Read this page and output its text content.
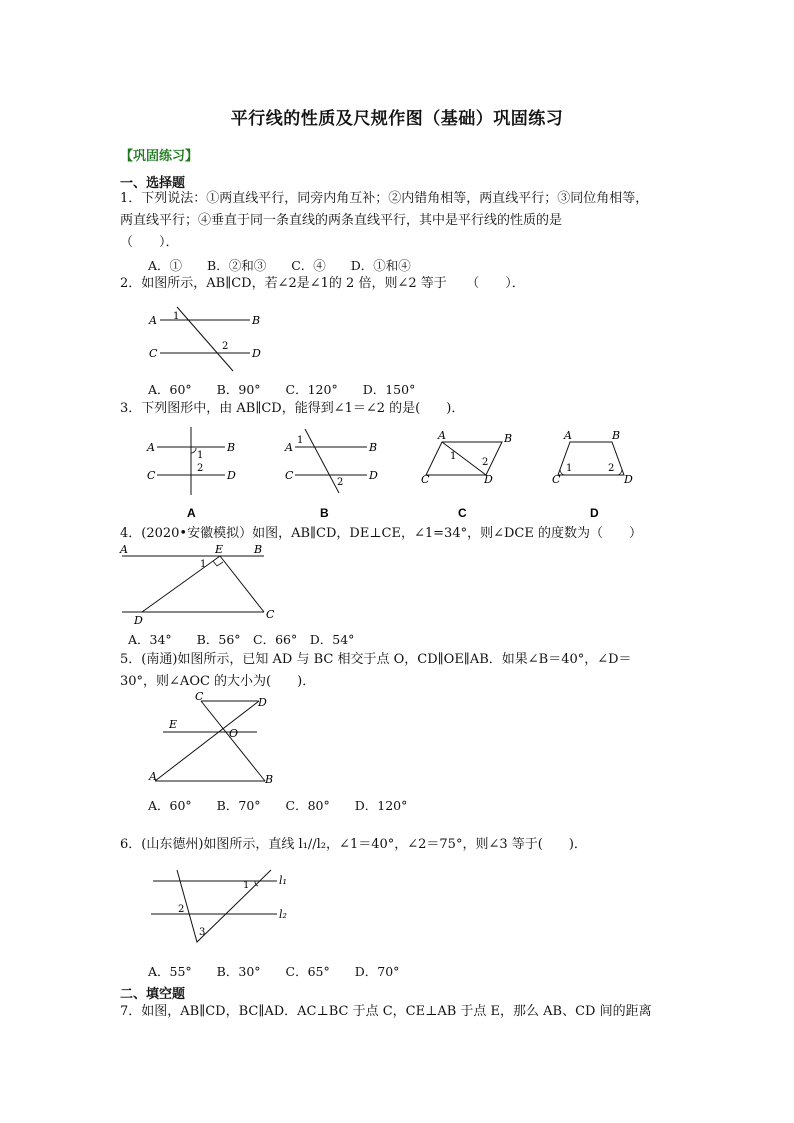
平行线的性质及尺规作图（基础）巩固练习
【巩固练习】
一、选择题
1．下列说法：①两直线平行，同旁内角互补；②内错角相等，两直线平行；③同位角相等，
两直线平行；④垂直于同一条直线的两条直线平行，其中是平行线的性质的是
（　　）．
A．①　　B．②和③　　C．④　　D．①和④
2．如图所示，AB∥CD，若∠2是∠1的 2 倍，则∠2 等于　　（　　）．
A	B
C	D
1
2
A．60°　　B．90°　　C．120°　　D．150°
3．下列图形中，由 AB∥CD，能得到∠1＝∠2 的是(　　)．
A	B
C	D
1
2
A
A	B
C	D
1
2
B
A	B
C	D
1
2
C
A	B
C	D
1	2
D
4．(2020•安徽模拟）如图，AB∥CD，DE⊥CE，∠1=34°，则∠DCE 的度数为（　　）
A	E	B
D	C
1
A．34°　　B．56°　C．66°　D．54°
5．(南通)如图所示，已知 AD 与 BC 相交于点 O，CD∥OE∥AB．如果∠B＝40°，∠D＝
30°，则∠AOC 的大小为(　　)．
C	D
E
O
A	B
A．60°　　B．70°　　C．80°　　D．120°
6．(山东德州)如图所示，直线 l₁//l₂，∠1＝40°，∠2＝75°，则∠3 等于(　　)．
1
2
3
l₁
l₂
A．55°　　B．30°　　C．65°　　D．70°
二、填空题
7．如图，AB∥CD，BC∥AD．AC⊥BC 于点 C，CE⊥AB 于点 E，那么 AB、CD 间的距离
